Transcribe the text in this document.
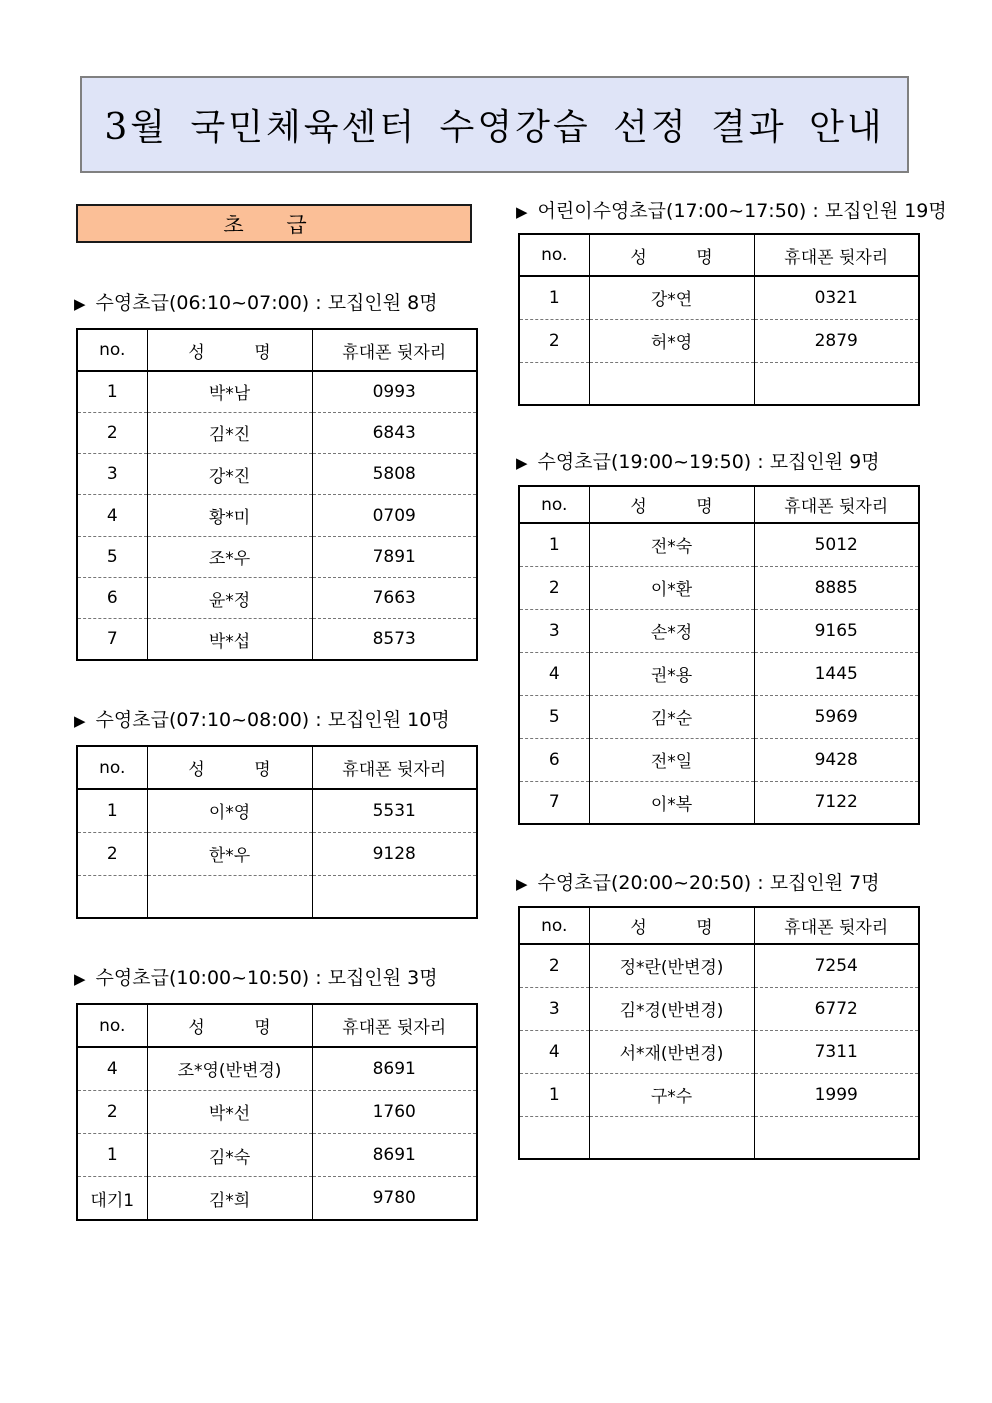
3월 국민체육센터 수영강습 선정 결과 안내
초 급
▶ 수영초급(06:10~07:00) : 모집인원 8명
no.	성 명	휴대폰 뒷자리
1	박*남	0993
2	김*진	6843
3	강*진	5808
4	황*미	0709
5	조*우	7891
6	윤*정	7663
7	박*섭	8573
▶ 수영초급(07:10~08:00) : 모집인원 10명
no.	성 명	휴대폰 뒷자리
1	이*영	5531
2	한*우	9128

▶ 수영초급(10:00~10:50) : 모집인원 3명
no.	성 명	휴대폰 뒷자리
4	조*영(반변경)	8691
2	박*선	1760
1	김*숙	8691
대기1	김*희	9780
▶ 어린이수영초급(17:00~17:50) : 모집인원 19명
no.	성 명	휴대폰 뒷자리
1	강*연	0321
2	허*영	2879

▶ 수영초급(19:00~19:50) : 모집인원 9명
no.	성 명	휴대폰 뒷자리
1	전*숙	5012
2	이*환	8885
3	손*정	9165
4	권*용	1445
5	김*순	5969
6	전*일	9428
7	이*복	7122
▶ 수영초급(20:00~20:50) : 모집인원 7명
no.	성 명	휴대폰 뒷자리
2	정*란(반변경)	7254
3	김*경(반변경)	6772
4	서*재(반변경)	7311
1	구*수	1999
